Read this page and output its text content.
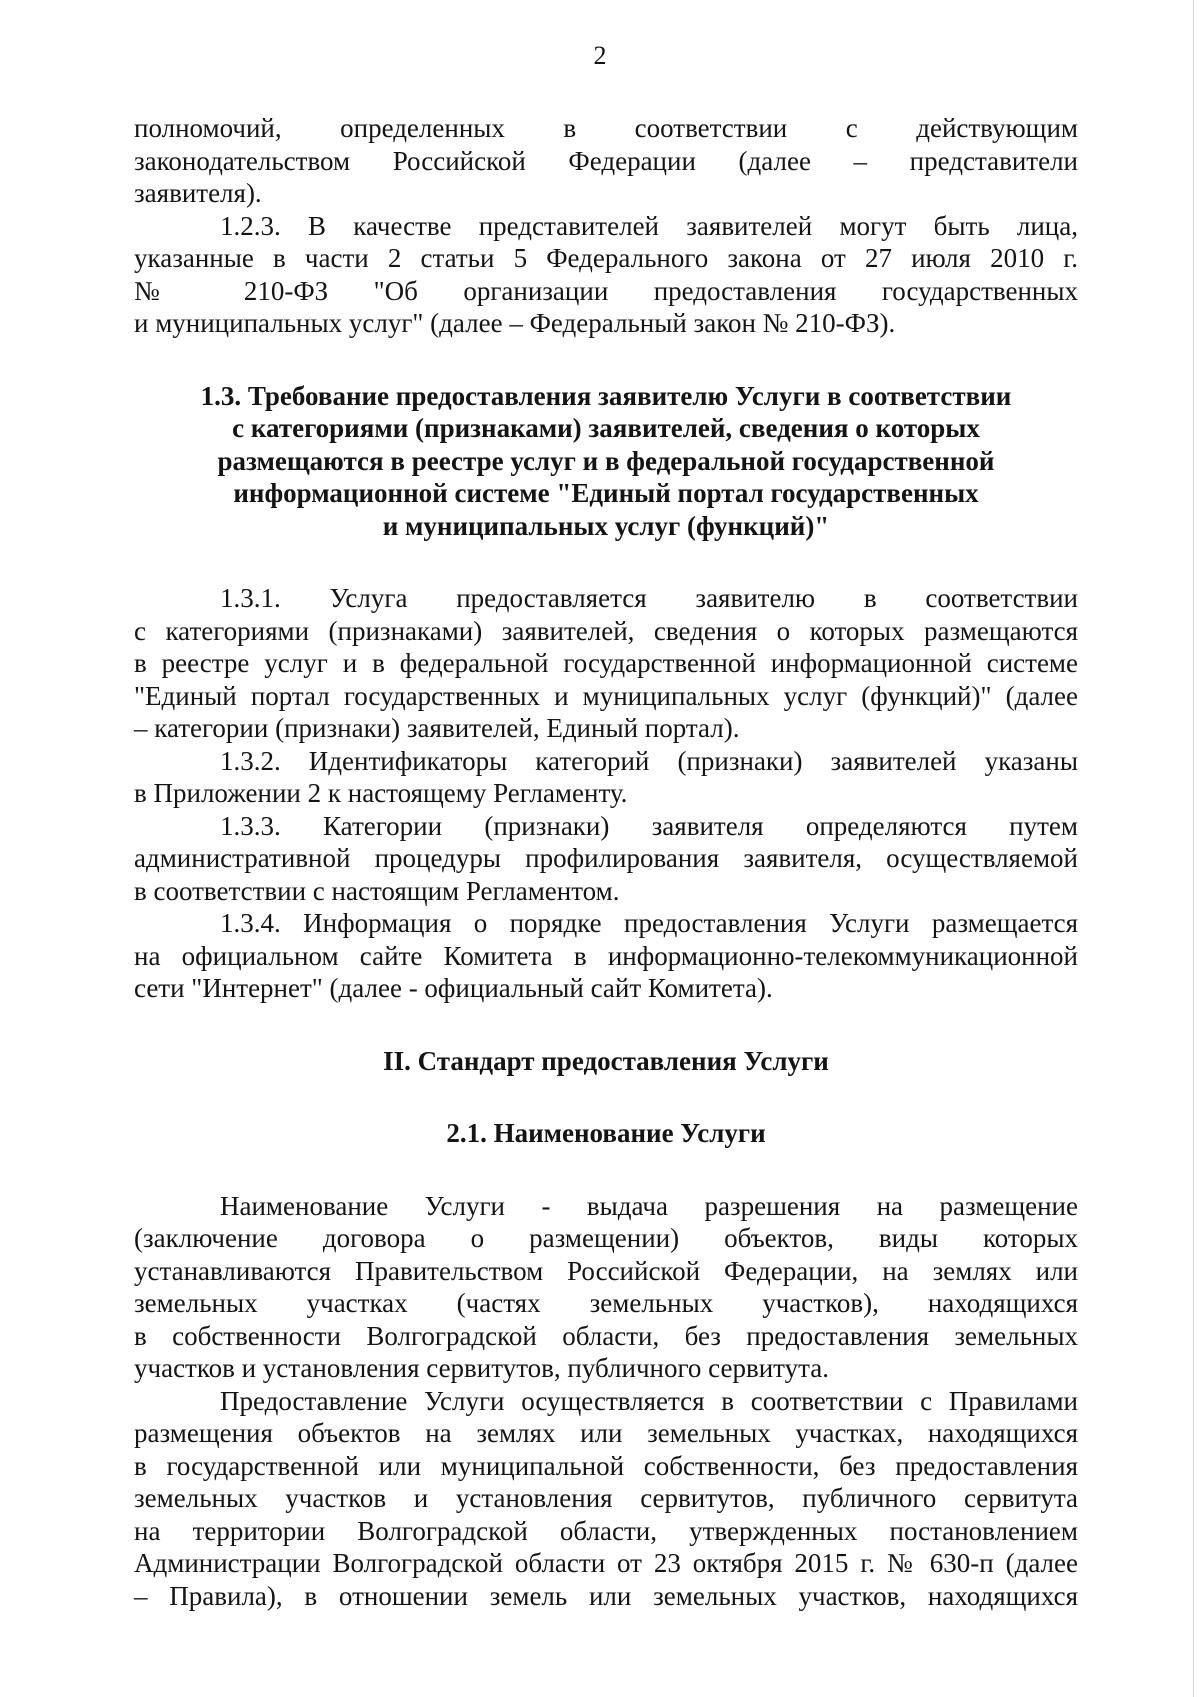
2

полномочий, определенных в соответствии с действующим
законодательством Российской Федерации (далее – представители
заявителя).

1.2.3. В качестве представителей заявителей могут быть лица,
указанные в части 2 статьи 5 Федерального закона от 27 июля 2010 г.
№ 210-ФЗ "Об организации предоставления государственных
и муниципальных услуг" (далее – Федеральный закон № 210-ФЗ).

1.3. Требование предоставления заявителю Услуги в соответствии
с категориями (признаками) заявителей, сведения о которых
размещаются в реестре услуг и в федеральной государственной
информационной системе "Единый портал государственных
и муниципальных услуг (функций)"

1.3.1. Услуга предоставляется заявителю в соответствии
с категориями (признаками) заявителей, сведения о которых размещаются
в реестре услуг и в федеральной государственной информационной системе
"Единый портал государственных и муниципальных услуг (функций)" (далее
– категории (признаки) заявителей, Единый портал).

1.3.2. Идентификаторы категорий (признаки) заявителей указаны
в Приложении 2 к настоящему Регламенту.

1.3.3. Категории (признаки) заявителя определяются путем
административной процедуры профилирования заявителя, осуществляемой
в соответствии с настоящим Регламентом.

1.3.4. Информация о порядке предоставления Услуги размещается
на официальном сайте Комитета в информационно-телекоммуникационной
сети "Интернет" (далее - официальный сайт Комитета).

II. Стандарт предоставления Услуги
2.1. Наименование Услуги

Наименование Услуги - выдача разрешения на размещение
(заключение договора о размещении) объектов, виды которых
устанавливаются Правительством Российской Федерации, на землях или
земельных участках (частях земельных участков), находящихся
в собственности Волгоградской области, без предоставления земельных
участков и установления сервитутов, публичного сервитута.

Предоставление Услуги осуществляется в соответствии с Правилами
размещения объектов на землях или земельных участках, находящихся
в государственной или муниципальной собственности, без предоставления
земельных участков и установления сервитутов, публичного сервитута
на территории Волгоградской области, утвержденных постановлением
Администрации Волгоградской области от 23 октября 2015 г. № 630-п (далее
– Правила), в отношении земель или земельных участков, находящихся
